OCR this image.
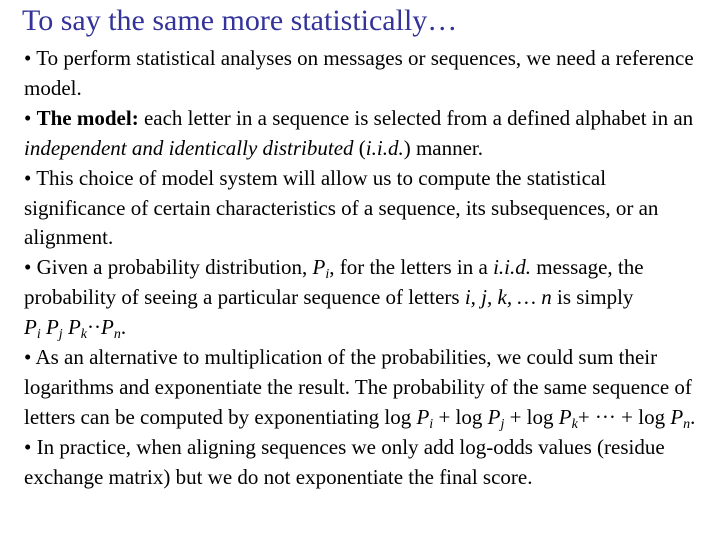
To say the same more statistically…

• To perform statistical analyses on messages or sequences, we need a reference model.

• The model: each letter in a sequence is selected from a defined alphabet in an independent and identically distributed (i.i.d.) manner.

• This choice of model system will allow us to compute the statistical significance of certain characteristics of a sequence, its subsequences, or an alignment.

• Given a probability distribution, $P_i$, for the letters in a i.i.d. message, the probability of seeing a particular sequence of letters i, j, k, … n is simply $P_i$ $P_j$ $P_k\cdot\cdot P_n$.

• As an alternative to multiplication of the probabilities, we could sum their logarithms and exponentiate the result. The probability of the same sequence of letters can be computed by exponentiating $\log P_i + \log P_j + \log P_k+$ ··· + $\log P_n$.

• In practice, when aligning sequences we only add log-odds values (residue exchange matrix) but we do not exponentiate the final score.
